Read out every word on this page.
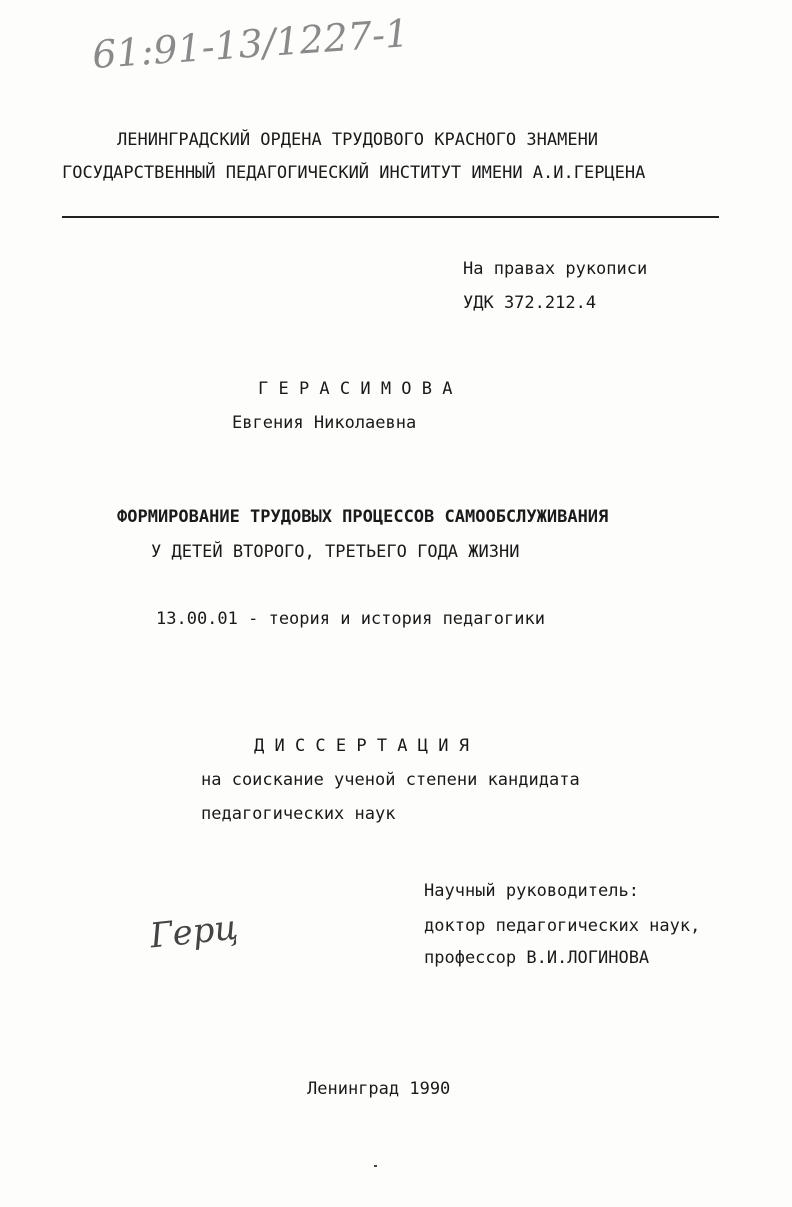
61:91-13/1227-1
ЛЕНИНГРАДСКИЙ ОРДЕНА ТРУДОВОГО КРАСНОГО ЗНАМЕНИ
ГОСУДАРСТВЕННЫЙ ПЕДАГОГИЧЕСКИЙ ИНСТИТУТ ИМЕНИ А.И.ГЕРЦЕНА
На правах рукописи
УДК 372.212.4
Г Е Р А С И М О В А
Евгения Николаевна
ФОРМИРОВАНИЕ ТРУДОВЫХ ПРОЦЕССОВ САМООБСЛУЖИВАНИЯ
У ДЕТЕЙ ВТОРОГО, ТРЕТЬЕГО ГОДА ЖИЗНИ
13.00.01 - теория и история педагогики
Д И С С Е Р Т А Ц И Я
на соискание ученой степени кандидата
педагогических наук
Научный руководитель:
доктор педагогических наук,
профессор В.И.ЛОГИНОВА
Герц
Ленинград 1990
